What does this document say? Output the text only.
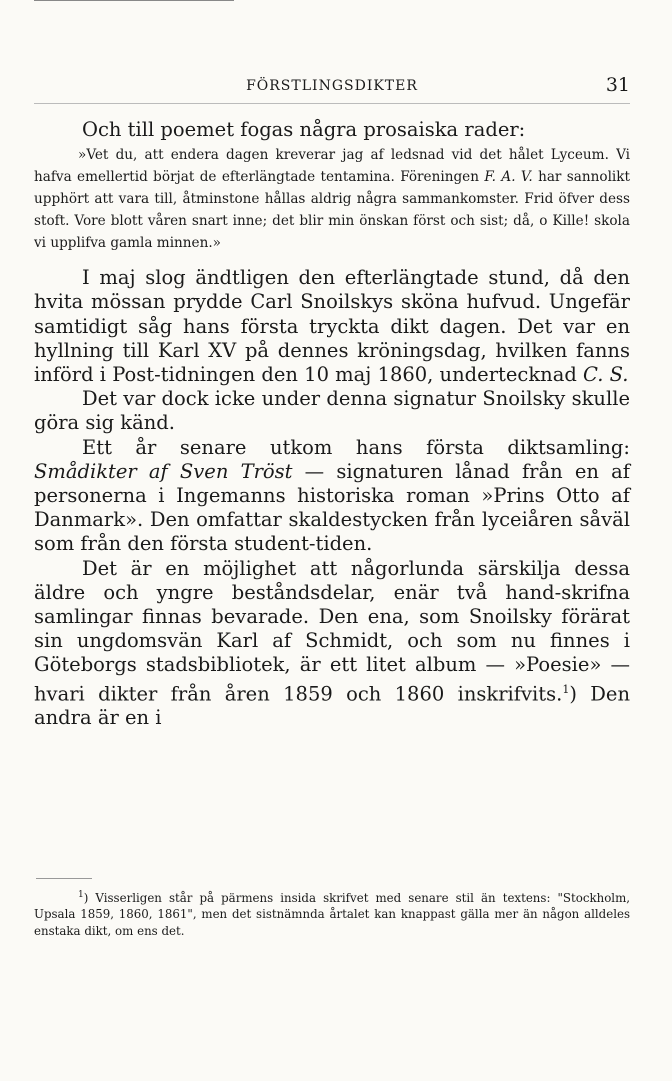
FÖRSTLINGSDIKTER	31

Och till poemet fogas några prosaiska rader:

»Vet du, att endera dagen kreverar jag af ledsnad vid det hålet Lyceum. Vi hafva emellertid börjat de efterlängtade tentamina. Föreningen F. A. V. har sannolikt upphört att vara till, åtminstone hållas aldrig några sammankomster. Frid öfver dess stoft. Vore blott våren snart inne; det blir min önskan först och sist; då, o Kille! skola vi upplifva gamla minnen.»

I maj slog ändtligen den efterlängtade stund, då den hvita mössan prydde Carl Snoilskys sköna hufvud. Ungefär samtidigt såg hans första tryckta dikt dagen. Det var en hyllning till Karl XV på dennes kröningsdag, hvilken fanns införd i Post-tidningen den 10 maj 1860, undertecknad C. S.

Det var dock icke under denna signatur Snoilsky skulle göra sig känd.

Ett år senare utkom hans första diktsamling: Smådikter af Sven Tröst — signaturen lånad från en af personerna i Ingemanns historiska roman »Prins Otto af Danmark». Den omfattar skaldestycken från lyceiåren såväl som från den första student-tiden.

Det är en möjlighet att någorlunda särskilja dessa äldre och yngre beståndsdelar, enär två hand-skrifna samlingar finnas bevarade. Den ena, som Snoilsky förärat sin ungdomsvän Karl af Schmidt, och som nu finnes i Göteborgs stadsbibliotek, är ett litet album — »Poesie» — hvari dikter från åren 1859 och 1860 inskrifvits.$^1$) Den andra är en i

$^1$) Visserligen står på pärmens insida skrifvet med senare stil än textens: "Stockholm, Upsala 1859, 1860, 1861", men det sistnämnda årtalet kan knappast gälla mer än någon alldeles enstaka dikt, om ens det.
